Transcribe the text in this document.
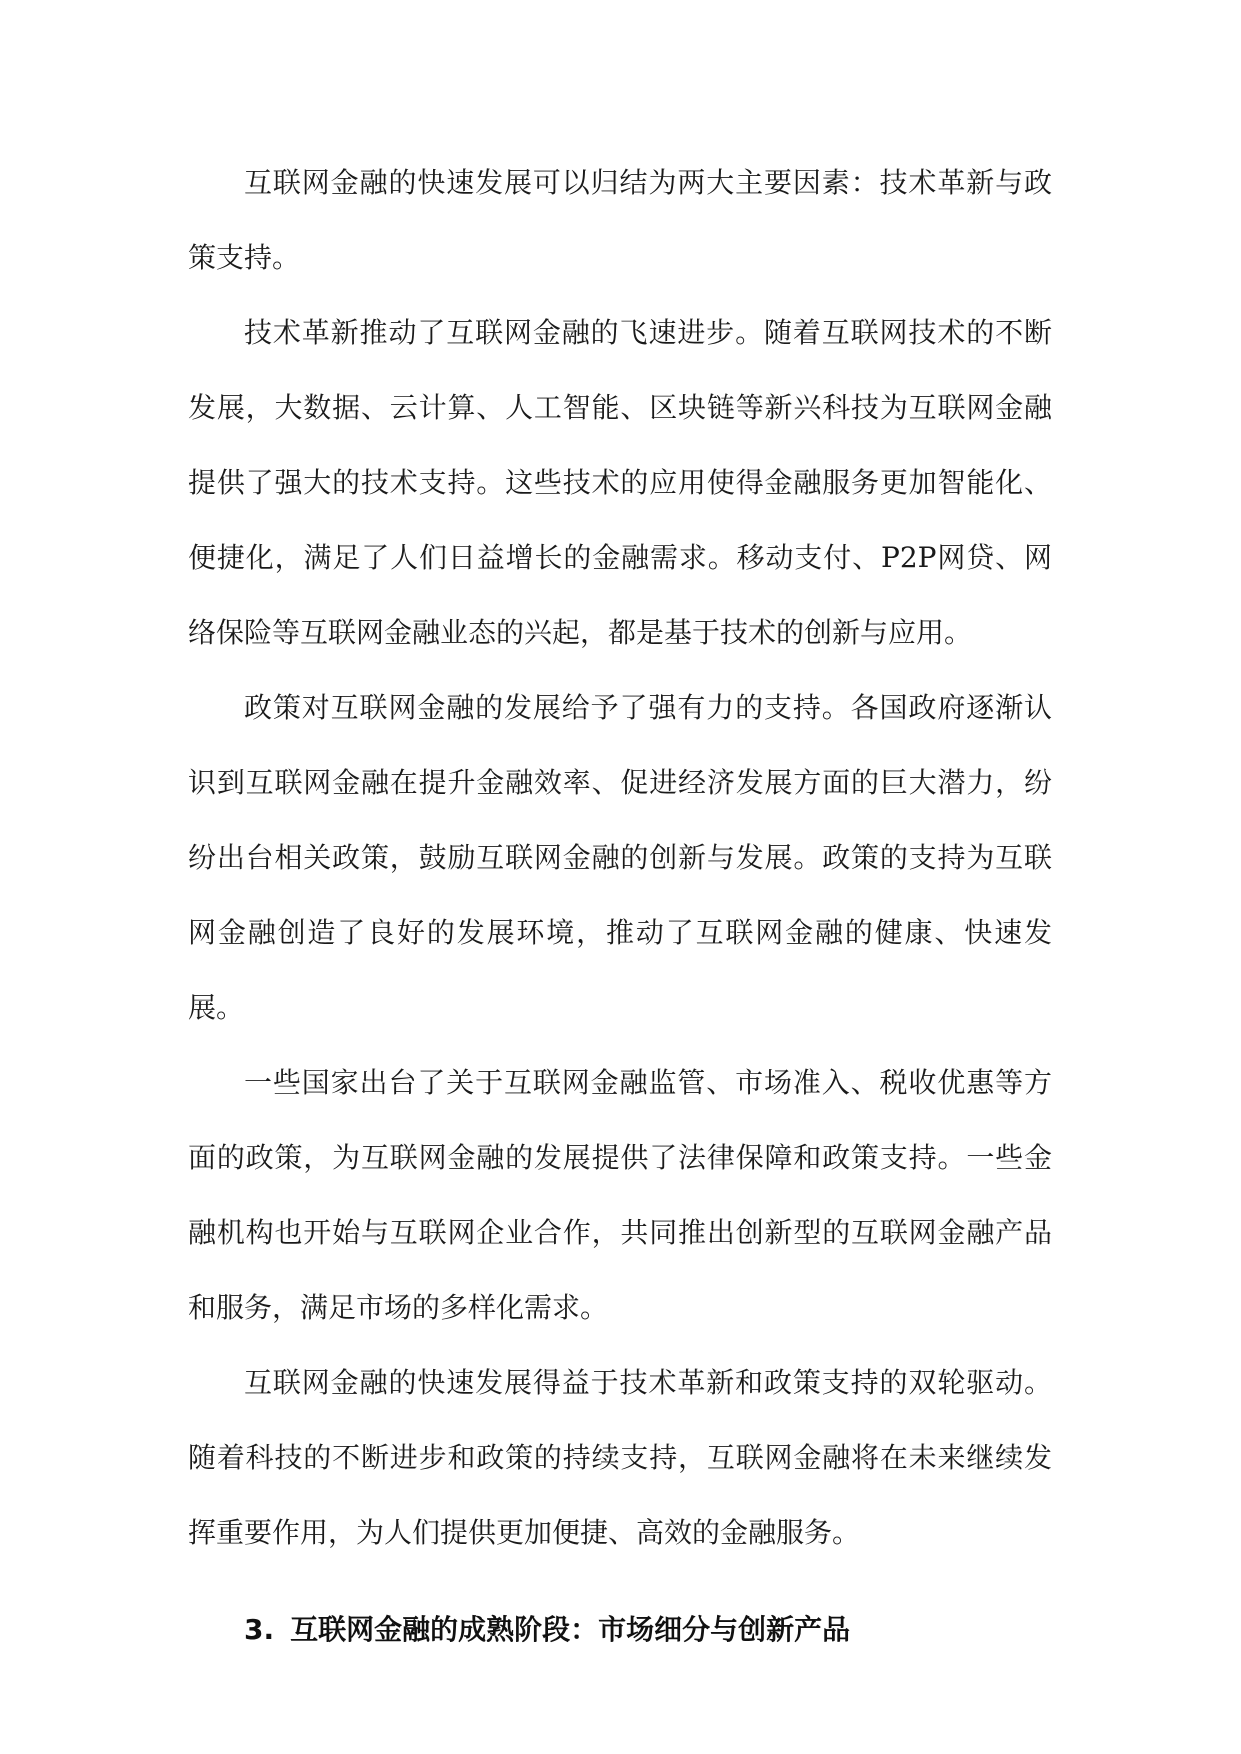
互联网金融的快速发展可以归结为两大主要因素：技术革新与政策支持。

技术革新推动了互联网金融的飞速进步。随着互联网技术的不断发展，大数据、云计算、人工智能、区块链等新兴科技为互联网金融提供了强大的技术支持。这些技术的应用使得金融服务更加智能化、便捷化，满足了人们日益增长的金融需求。移动支付、P2P网贷、网络保险等互联网金融业态的兴起，都是基于技术的创新与应用。

政策对互联网金融的发展给予了强有力的支持。各国政府逐渐认识到互联网金融在提升金融效率、促进经济发展方面的巨大潜力，纷纷出台相关政策，鼓励互联网金融的创新与发展。政策的支持为互联网金融创造了良好的发展环境，推动了互联网金融的健康、快速发展。

一些国家出台了关于互联网金融监管、市场准入、税收优惠等方面的政策，为互联网金融的发展提供了法律保障和政策支持。一些金融机构也开始与互联网企业合作，共同推出创新型的互联网金融产品和服务，满足市场的多样化需求。

互联网金融的快速发展得益于技术革新和政策支持的双轮驱动。随着科技的不断进步和政策的持续支持，互联网金融将在未来继续发挥重要作用，为人们提供更加便捷、高效的金融服务。

3. 互联网金融的成熟阶段：市场细分与创新产品
